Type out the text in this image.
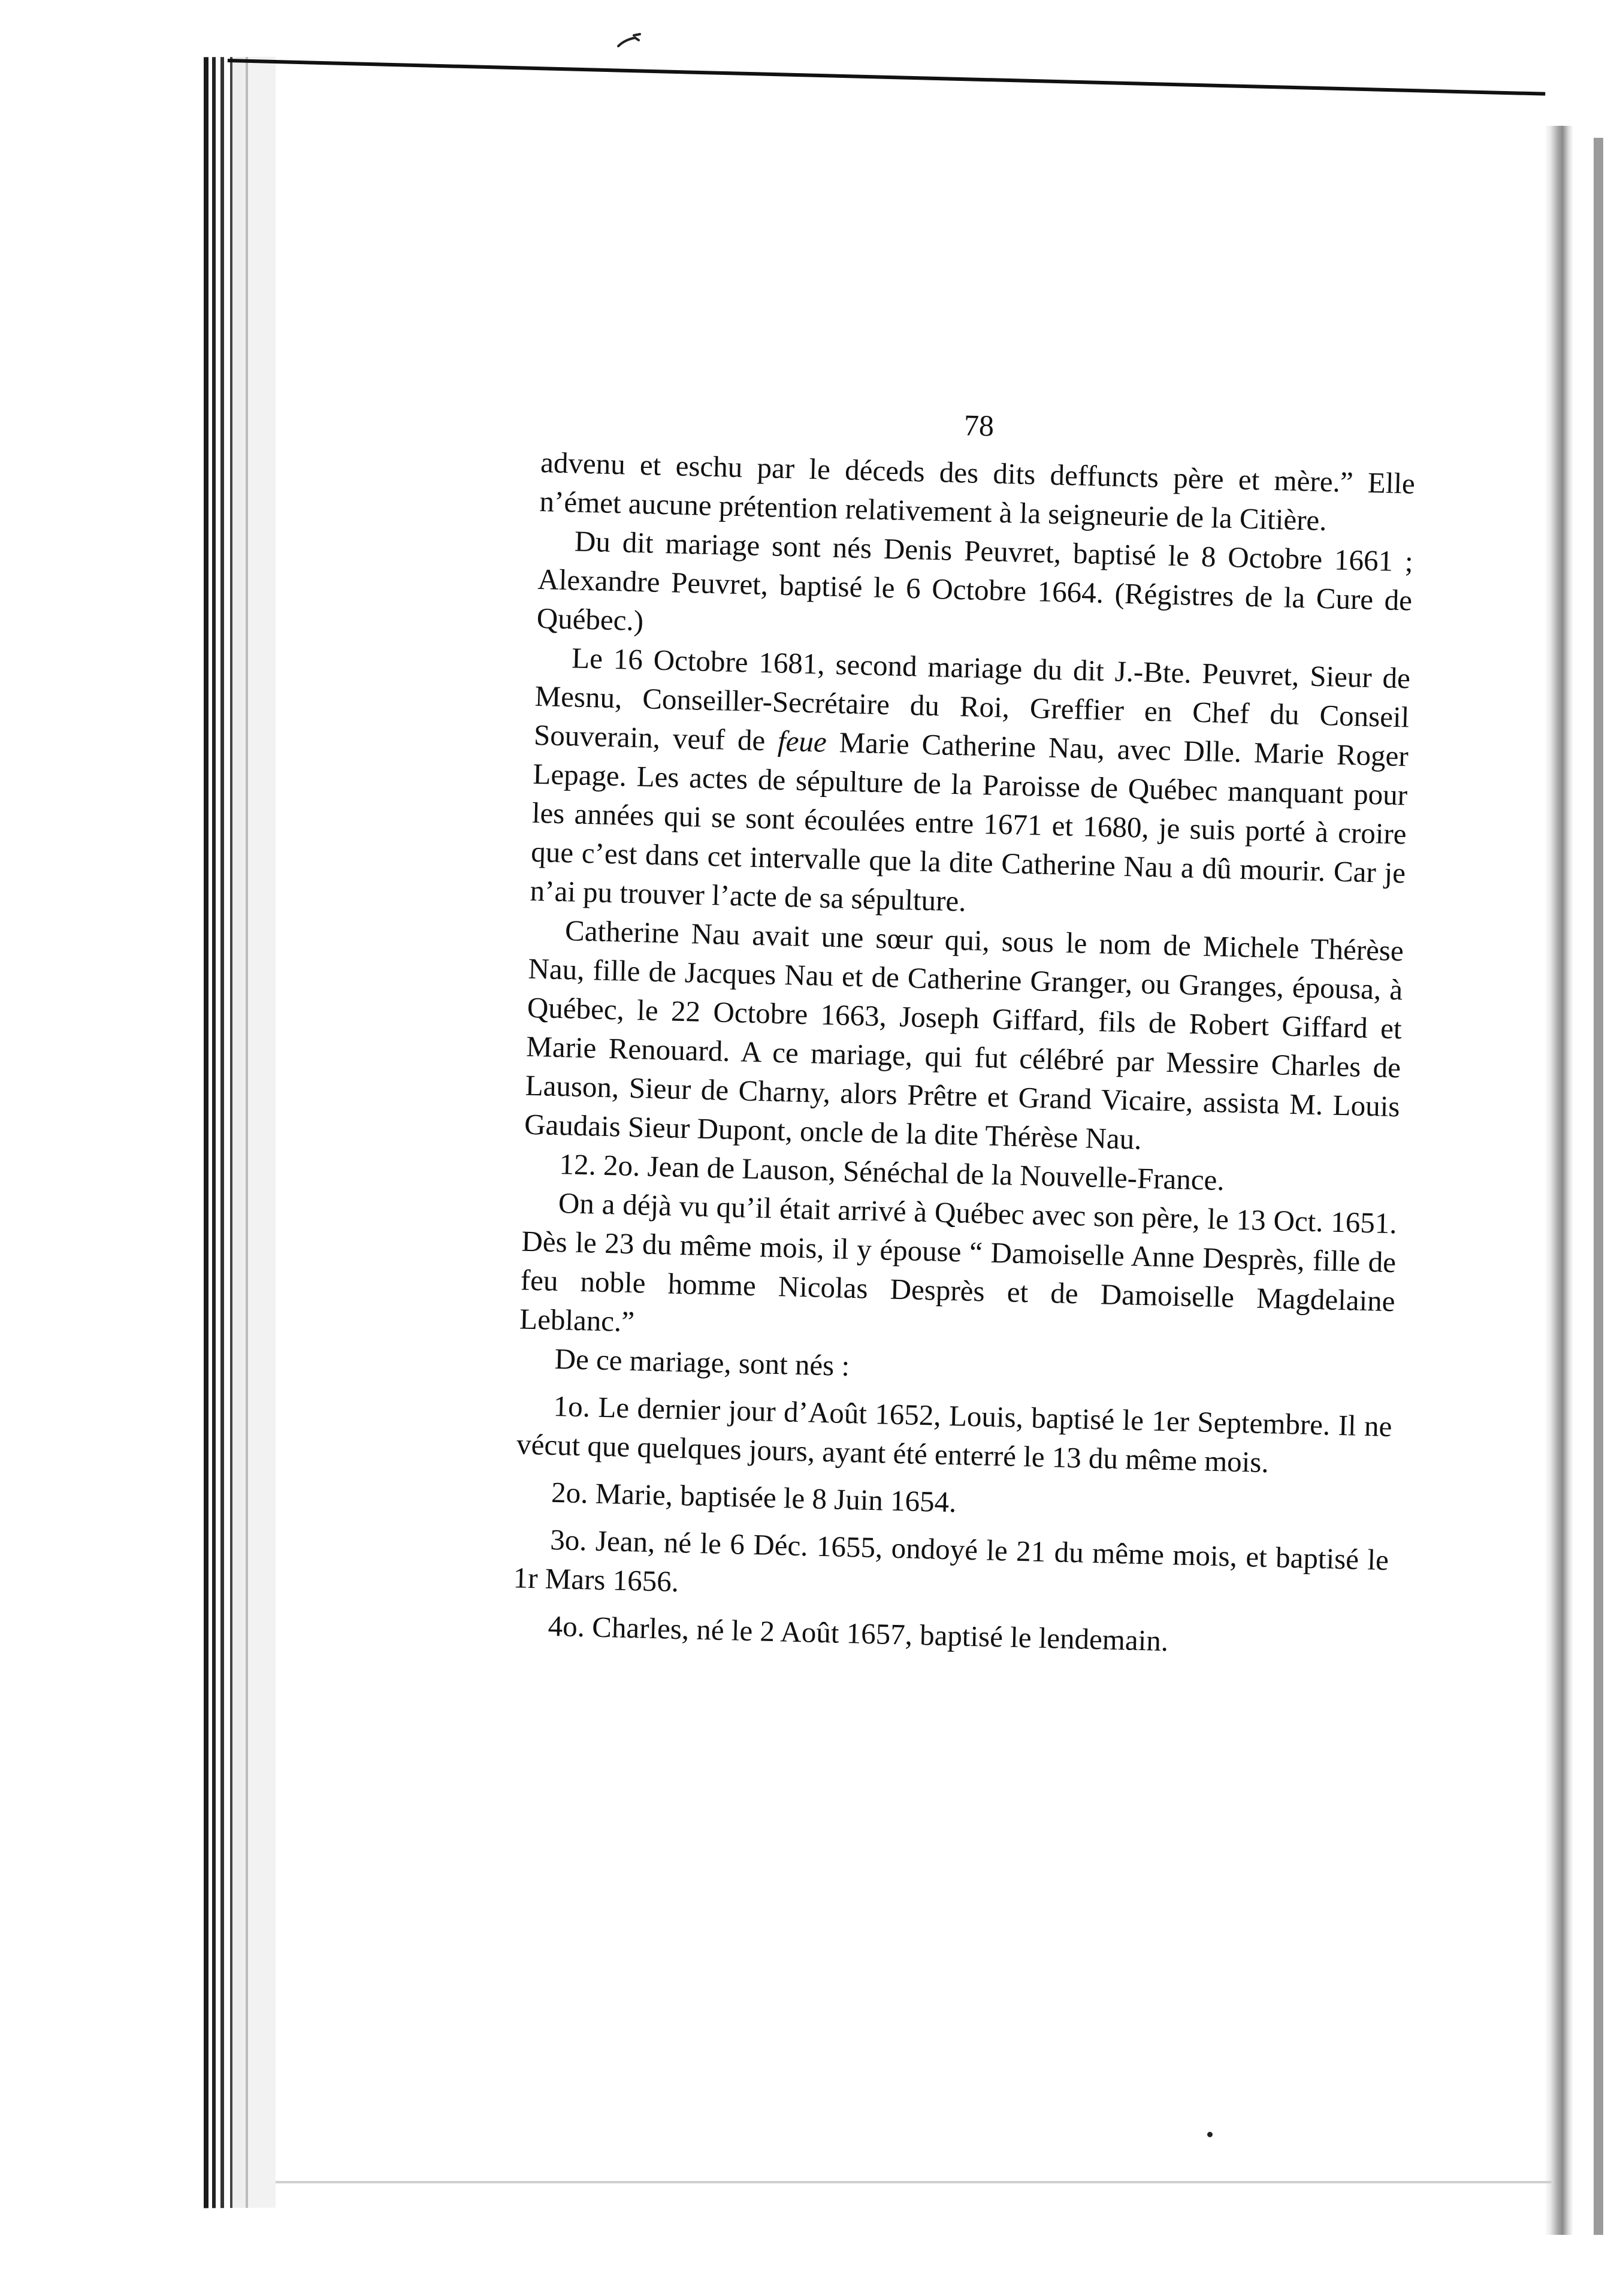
78

advenu et eschu par le déceds des dits deffuncts père et mère.” Elle n’émet aucune prétention relativement à la seigneurie de la Citière.

Du dit mariage sont nés Denis Peuvret, baptisé le 8 Octobre 1661 ; Alexandre Peuvret, baptisé le 6 Octobre 1664. (Régistres de la Cure de Québec.)

Le 16 Octobre 1681, second mariage du dit J.-Bte. Peuvret, Sieur de Mesnu, Conseiller-Secrétaire du Roi, Greffier en Chef du Conseil Souverain, veuf de feue Marie Catherine Nau, avec Dlle. Marie Roger Lepage. Les actes de sépulture de la Paroisse de Québec manquant pour les années qui se sont écoulées entre 1671 et 1680, je suis porté à croire que c’est dans cet intervalle que la dite Catherine Nau a dû mourir. Car je n’ai pu trouver l’acte de sa sépulture.

Catherine Nau avait une sœur qui, sous le nom de Michele Thérèse Nau, fille de Jacques Nau et de Catherine Granger, ou Granges, épousa, à Québec, le 22 Octobre 1663, Joseph Giffard, fils de Robert Giffard et Marie Renouard. A ce mariage, qui fut célébré par Messire Charles de Lauson, Sieur de Charny, alors Prêtre et Grand Vicaire, assista M. Louis Gaudais Sieur Dupont, oncle de la dite Thérèse Nau.

12. 2o. Jean de Lauson, Sénéchal de la Nouvelle-France.

On a déjà vu qu’il était arrivé à Québec avec son père, le 13 Oct. 1651. Dès le 23 du même mois, il y épouse “ Damoiselle Anne Desprès, fille de feu noble homme Nicolas Desprès et de Damoiselle Magdelaine Leblanc.”

De ce mariage, sont nés :

1o. Le dernier jour d’Août 1652, Louis, baptisé le 1er Septembre. Il ne vécut que quelques jours, ayant été enterré le 13 du même mois.

2o. Marie, baptisée le 8 Juin 1654.

3o. Jean, né le 6 Déc. 1655, ondoyé le 21 du même mois, et baptisé le 1r Mars 1656.

4o. Charles, né le 2 Août 1657, baptisé le lendemain.
